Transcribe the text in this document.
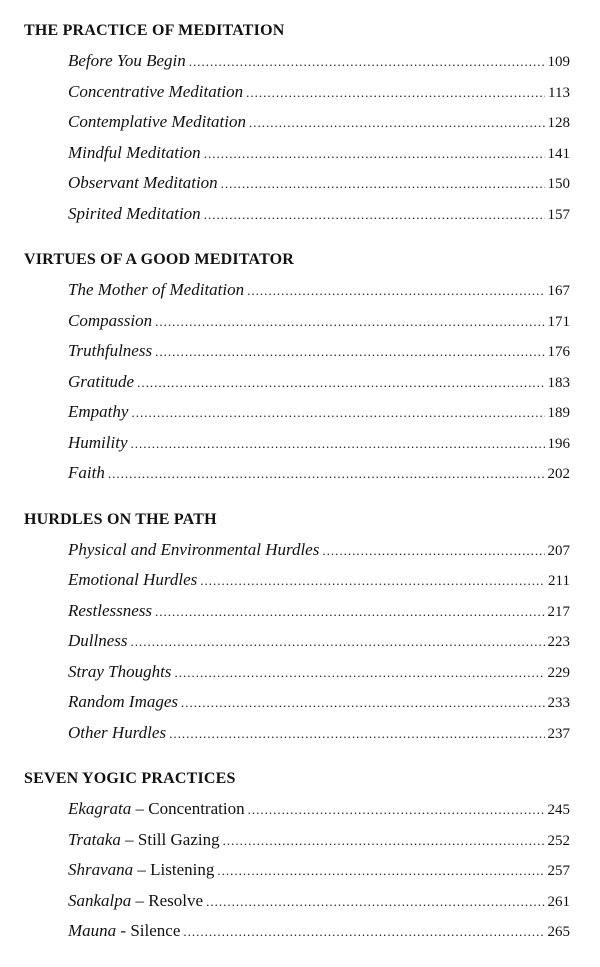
THE PRACTICE OF MEDITATION
Before You Begin .....	109
Concentrative Meditation .....	113
Contemplative Meditation .....	128
Mindful Meditation .....	141
Observant Meditation .....	150
Spirited Meditation .....	157
VIRTUES OF A GOOD MEDITATOR
The Mother of Meditation .....	167
Compassion .....	171
Truthfulness .....	176
Gratitude .....	183
Empathy .....	189
Humility .....	196
Faith .....	202
HURDLES ON THE PATH
Physical and Environmental Hurdles .....	207
Emotional Hurdles .....	211
Restlessness .....	217
Dullness .....	223
Stray Thoughts .....	229
Random Images .....	233
Other Hurdles .....	237
SEVEN YOGIC PRACTICES
Ekagrata – Concentration .....	245
Trataka – Still Gazing .....	252
Shravana – Listening .....	257
Sankalpa – Resolve .....	261
Mauna - Silence .....	265
